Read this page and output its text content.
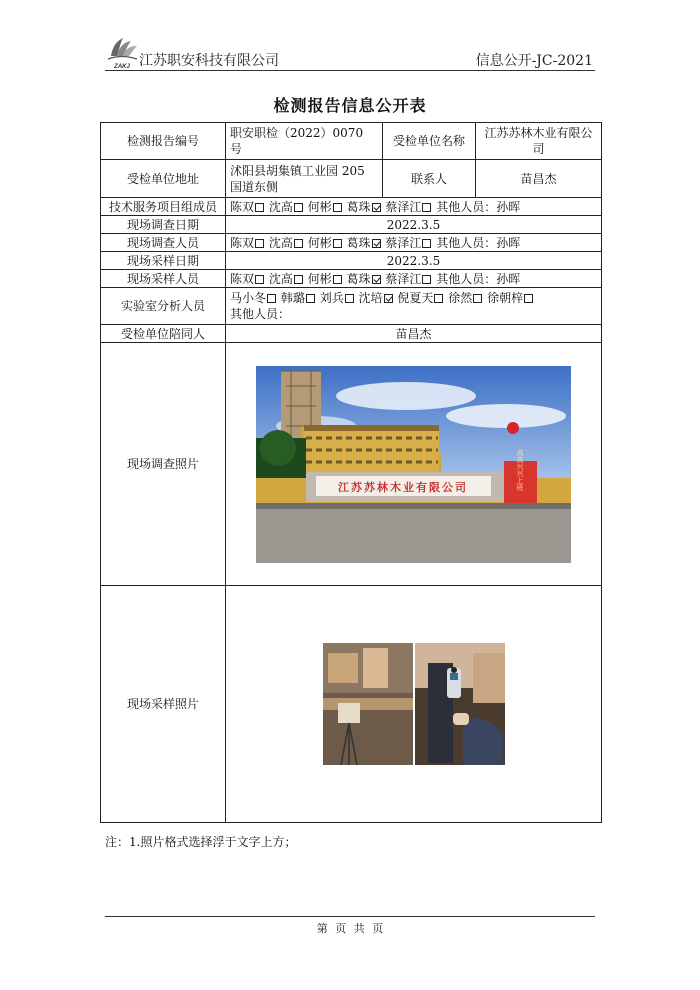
ZAKJ 江苏职安科技有限公司	信息公开-JC-2021
检测报告信息公开表
检测报告编号	职安职检（2022）0070 号	受检单位名称	江苏苏林木业有限公司
受检单位地址	沭阳县胡集镇工业园 205 国道东侧	联系人	苗昌杰
技术服务项目组成员	陈双 沈高 何彬 葛珠 蔡泽江 其他人员：孙晖		
现场调查日期	2022.3.5		
现场调查人员	陈双 沈高 何彬 葛珠 蔡泽江 其他人员：孙晖		
现场采样日期	2022.3.5		
现场采样人员	陈双 沈高 何彬 葛珠 蔡泽江 其他人员：孙晖		
实验室分析人员	马小冬 韩璐 刘兵 沈培 倪夏天 徐然 徐朝梓
其他人员：		
受检单位陪同人	苗昌杰		
现场调查照片	江苏苏林木业有限公司 高高兴兴上班		

现场采样照片	
注：1.照片格式选择浮于文字上方；
第 页 共 页
